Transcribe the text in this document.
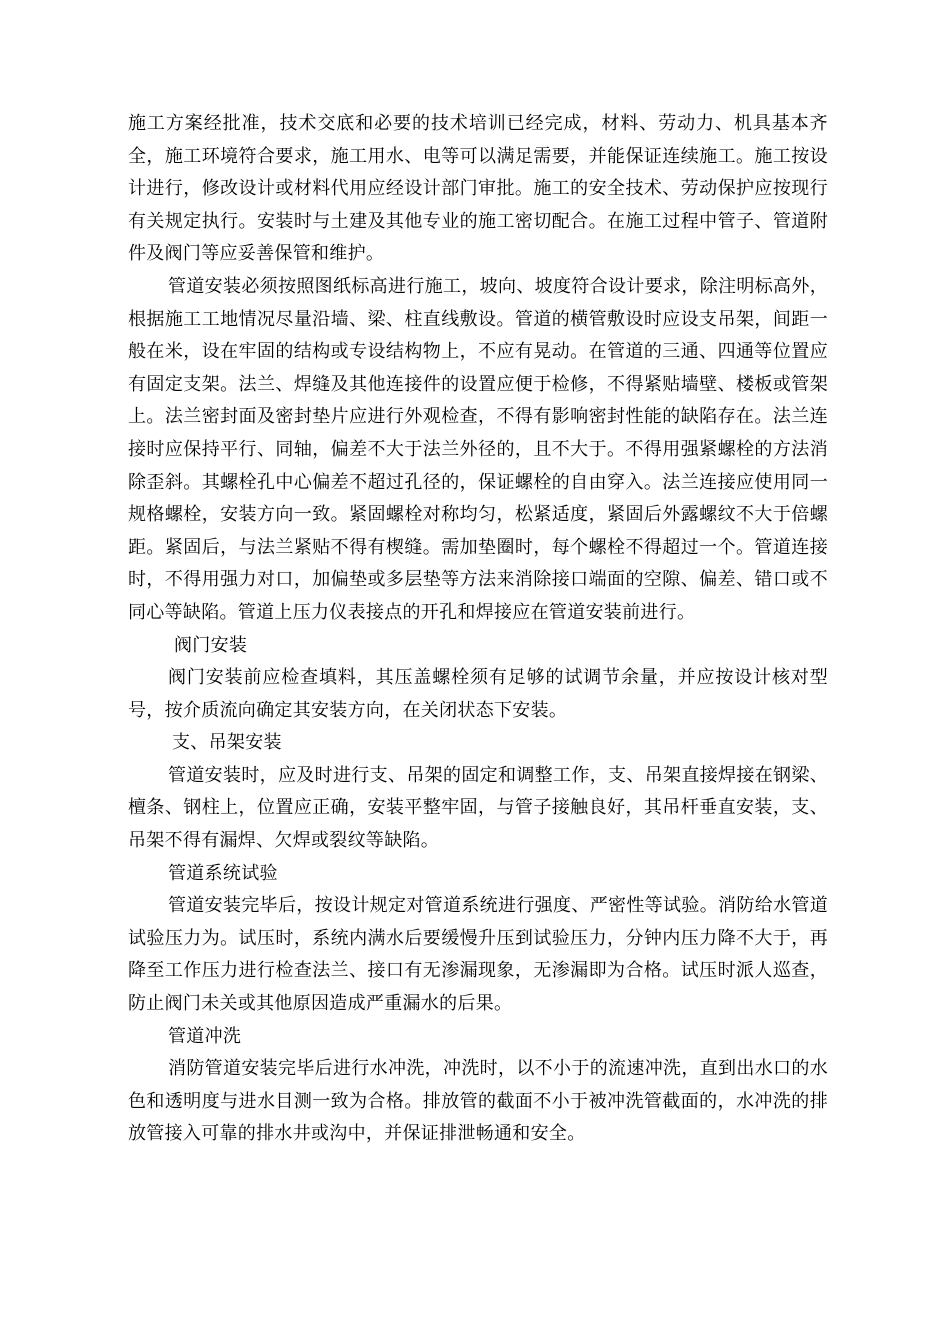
施工方案经批准，技术交底和必要的技术培训已经完成，材料、劳动力、机具基本齐全，施工环境符合要求，施工用水、电等可以满足需要，并能保证连续施工。施工按设计进行，修改设计或材料代用应经设计部门审批。施工的安全技术、劳动保护应按现行有关规定执行。安装时与土建及其他专业的施工密切配合。在施工过程中管子、管道附件及阀门等应妥善保管和维护。

管道安装必须按照图纸标高进行施工，坡向、坡度符合设计要求，除注明标高外，根据施工工地情况尽量沿墙、梁、柱直线敷设。管道的横管敷设时应设支吊架，间距一般在米，设在牢固的结构或专设结构物上，不应有晃动。在管道的三通、四通等位置应有固定支架。法兰、焊缝及其他连接件的设置应便于检修，不得紧贴墙壁、楼板或管架上。法兰密封面及密封垫片应进行外观检查，不得有影响密封性能的缺陷存在。法兰连接时应保持平行、同轴，偏差不大于法兰外径的，且不大于。不得用强紧螺栓的方法消除歪斜。其螺栓孔中心偏差不超过孔径的，保证螺栓的自由穿入。法兰连接应使用同一规格螺栓，安装方向一致。紧固螺栓对称均匀，松紧适度，紧固后外露螺纹不大于倍螺距。紧固后，与法兰紧贴不得有楔缝。需加垫圈时，每个螺栓不得超过一个。管道连接时，不得用强力对口，加偏垫或多层垫等方法来消除接口端面的空隙、偏差、错口或不同心等缺陷。管道上压力仪表接点的开孔和焊接应在管道安装前进行。

阀门安装

阀门安装前应检查填料，其压盖螺栓须有足够的试调节余量，并应按设计核对型号，按介质流向确定其安装方向，在关闭状态下安装。

支、吊架安装

管道安装时，应及时进行支、吊架的固定和调整工作，支、吊架直接焊接在钢梁、檀条、钢柱上，位置应正确，安装平整牢固，与管子接触良好，其吊杆垂直安装，支、吊架不得有漏焊、欠焊或裂纹等缺陷。

管道系统试验

管道安装完毕后，按设计规定对管道系统进行强度、严密性等试验。消防给水管道试验压力为。试压时，系统内满水后要缓慢升压到试验压力，分钟内压力降不大于，再降至工作压力进行检查法兰、接口有无渗漏现象，无渗漏即为合格。试压时派人巡查，防止阀门未关或其他原因造成严重漏水的后果。

管道冲洗

消防管道安装完毕后进行水冲洗，冲洗时，以不小于的流速冲洗，直到出水口的水色和透明度与进水目测一致为合格。排放管的截面不小于被冲洗管截面的，水冲洗的排放管接入可靠的排水井或沟中，并保证排泄畅通和安全。
